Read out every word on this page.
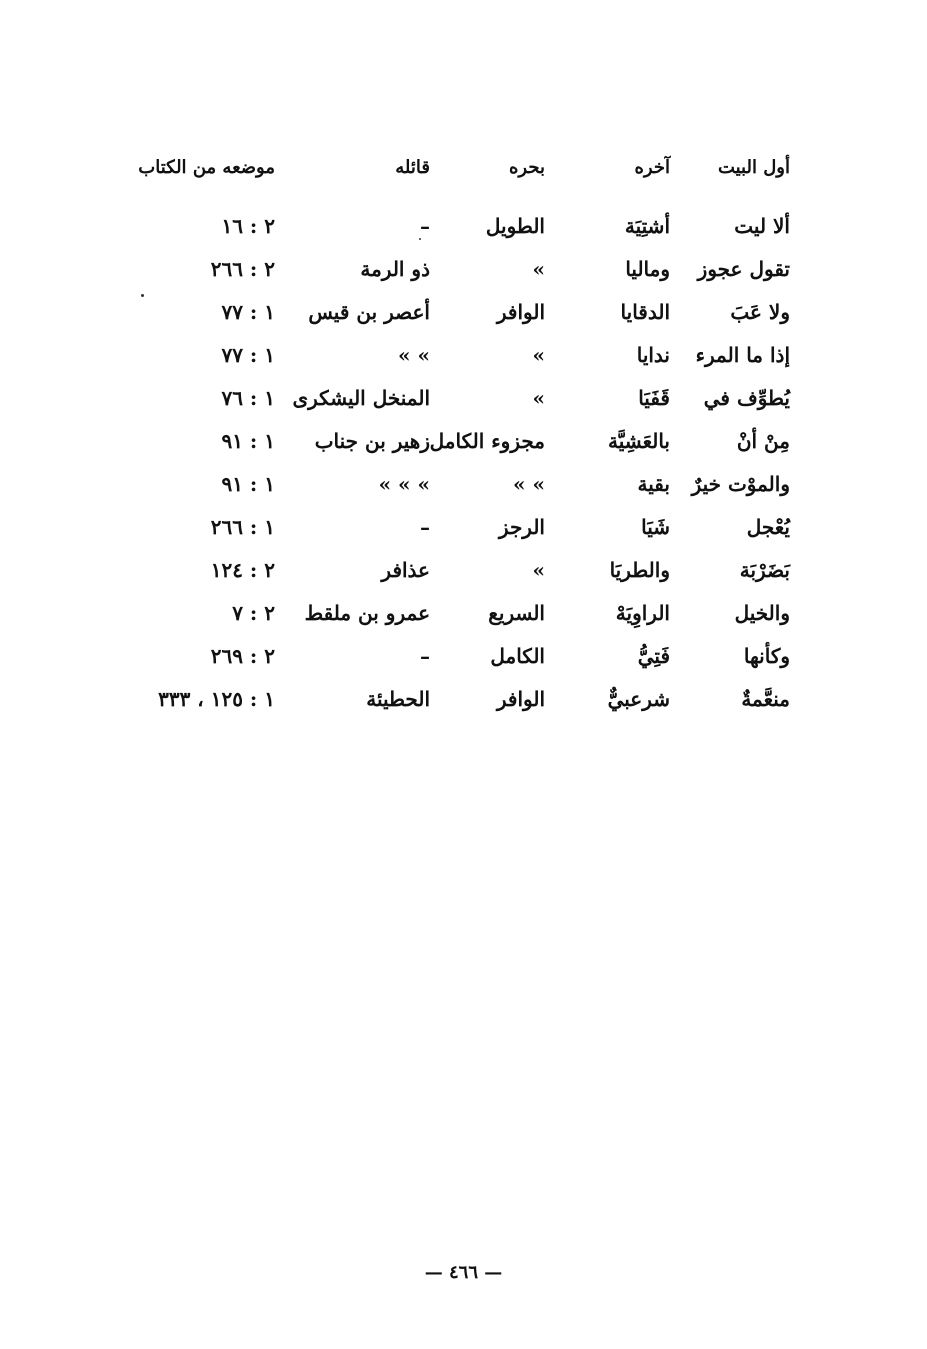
أول البيت
آخره
بحره
قائله
موضعه من الكتاب
ألا ليت
أشتِيَة
الطويل
–
٢ : ١٦
تقول عجوز
وماليا
»
ذو الرمة
٢ : ٢٦٦
ولا عَبَ
الدقايا
الوافر
أعصر بن قيس
١ : ٧٧
إذا ما المرء
ندايا
»
» »
١ : ٧٧
يُطوِّف في
قَفَيَا
»
المنخل اليشكرى
١ : ٧٦
مِنْ أنْ
بالعَشِيَّة
مجزوء الكامل
زهير بن جناب
١ : ٩١
والموْت خيرٌ
بقية
» »
» » »
١ : ٩١
يُعْجل
شَيَا
الرجز
–
١ : ٢٦٦
بَضَرْبَة
والطريَا
»
عذافر
٢ : ١٢٤
والخيل
الراوِيَهْ
السريع
عمرو بن ملقط
٢ : ٧
وكأنها
فَتِيُّ
الكامل
–
٢ : ٢٦٩
منعَّمةٌ
شرعبيٌّ
الوافر
الحطيئة
١ : ١٢٥ ، ٣٣٣
— ٤٦٦ —
